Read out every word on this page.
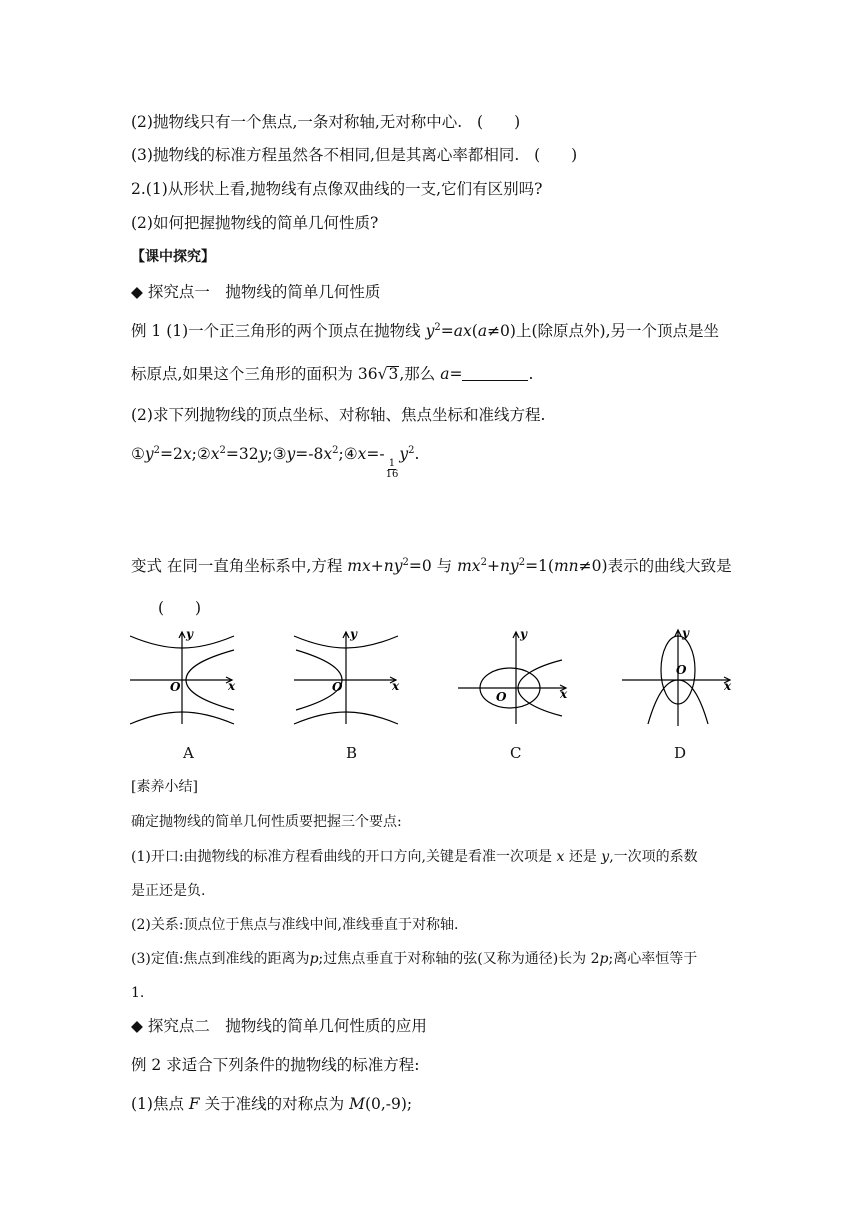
(2)抛物线只有一个焦点,一条对称轴,无对称中心. (　　)
(3)抛物线的标准方程虽然各不相同,但是其离心率都相同. (　　)
2.(1)从形状上看,抛物线有点像双曲线的一支,它们有区别吗?
(2)如何把握抛物线的简单几何性质?
【课中探究】
◆ 探究点一　抛物线的简单几何性质
例 1 (1)一个正三角形的两个顶点在抛物线 $y^2=ax(a\ne 0)$上(除原点外),另一个顶点是坐
标原点,如果这个三角形的面积为 36√3,那么 a=	.
(2)求下列抛物线的顶点坐标、对称轴、焦点坐标和准线方程.
$①y^2=2x;②x^2=32y;③y=-8x^2;④x=-$
$\frac{1}{16}$
$y^2$.
变式 在同一直角坐标系中,方程 $mx+ny^2=0$ 与 $mx^2+ny^2=1(mn\ne 0)$表示的曲线大致是
(　　)
y
x
O
y
x
O
y
x
O
y
x
O
A	B	C	D
[素养小结]
确定抛物线的简单几何性质要把握三个要点:
(1)开口:由抛物线的标准方程看曲线的开口方向,关键是看准一次项是 x 还是 y,一次项的系数
是正还是负.
(2)关系:顶点位于焦点与准线中间,准线垂直于对称轴.
(3)定值:焦点到准线的距离为p;过焦点垂直于对称轴的弦(又称为通径)长为 2p;离心率恒等于
1.
◆ 探究点二　抛物线的简单几何性质的应用
例 2 求适合下列条件的抛物线的标准方程:
(1)焦点 F 关于准线的对称点为 M(0,-9);
